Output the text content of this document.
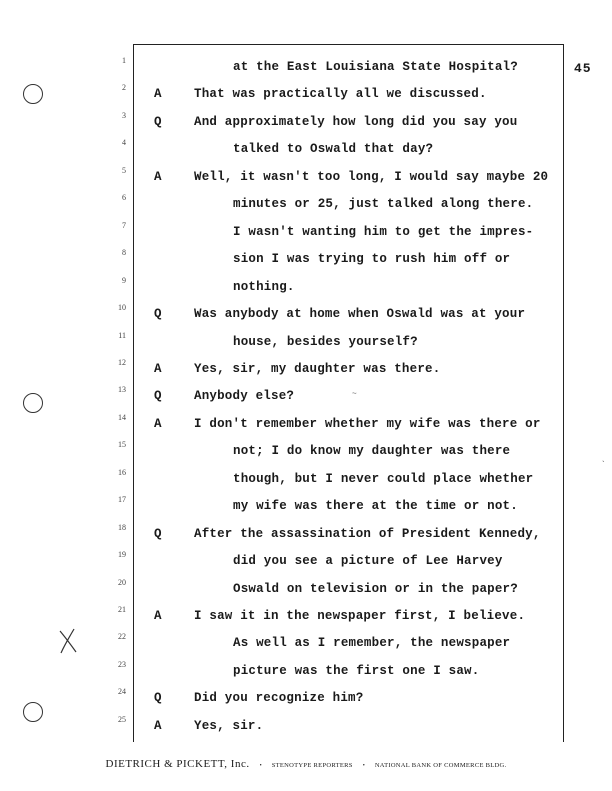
45
1	at the East Louisiana State Hospital?
2 A	That was practically all we discussed.
3 Q	And approximately how long did you say you
4	talked to Oswald that day?
5 A	Well, it wasn't too long, I would say maybe 20
6	minutes or 25, just talked along there.
7	I wasn't wanting him to get the impres-
8	sion I was trying to rush him off or
9	nothing.
10 Q	Was anybody at home when Oswald was at your
11	house, besides yourself?
12 A	Yes, sir, my daughter was there.
13 Q	Anybody else?
14 A	I don't remember whether my wife was there or
15	not; I do know my daughter was there
16	though, but I never could place whether
17	my wife was there at the time or not.
18 Q	After the assassination of President Kennedy,
19	did you see a picture of Lee Harvey
20	Oswald on television or in the paper?
21 A	I saw it in the newspaper first, I believe.
22	As well as I remember, the newspaper
23	picture was the first one I saw.
24 Q	Did you recognize him?
25 A	Yes, sir.
~
`
DIETRICH & PICKETT, Inc. • STENOTYPE REPORTERS • NATIONAL BANK OF COMMERCE BLDG.
